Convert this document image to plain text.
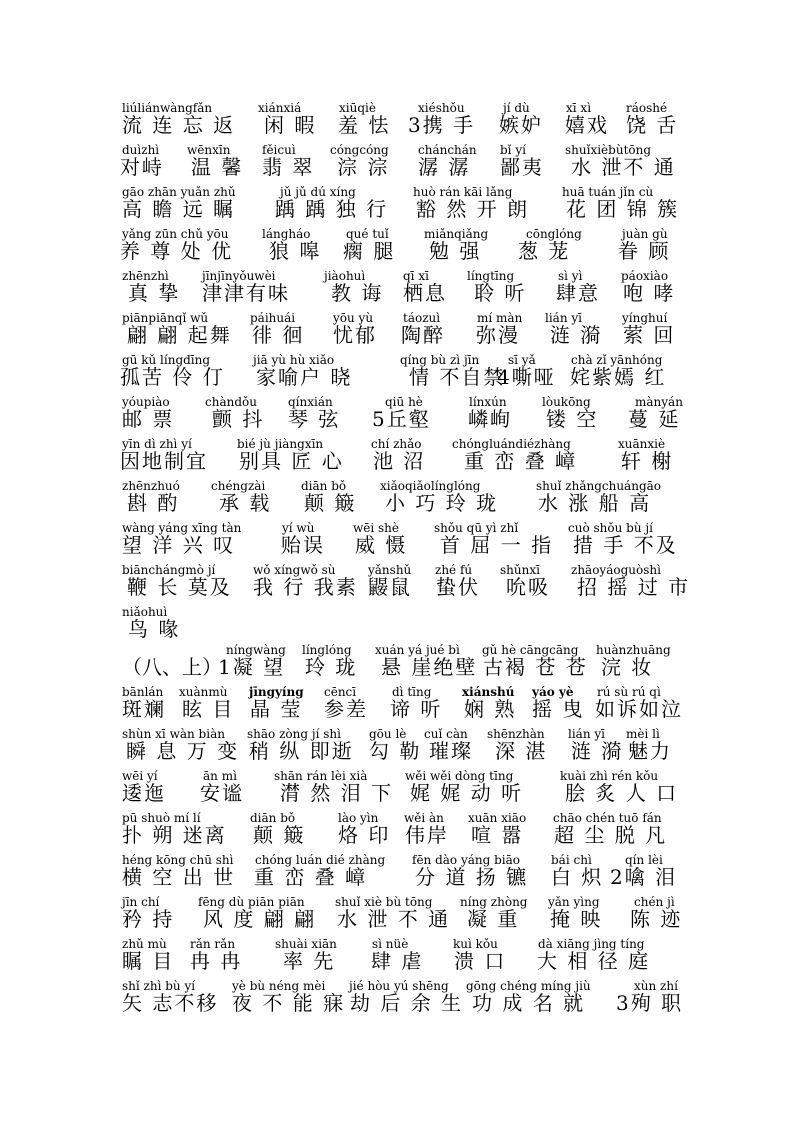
liúliánwàngfǎn
流 连 忘 返
xiánxiá
闲 暇
xiūqiè
羞 怯
xiéshǒu
3携 手
jí dù
嫉妒
xī xì
嬉戏
ráoshé
饶 舌
duìzhì
对峙
wēnxīn
温 馨
fěicuì
翡 翠
cóngcóng
淙 淙
chánchán
潺 潺
bǐ yí
鄙夷
shuǐxièbùtōng
水 泄不 通
gāo zhān yuǎn zhǔ
高 瞻 远 瞩
jǔ jǔ dú xíng
踽 踽 独 行
huò rán kāi lǎng
豁 然 开 朗
huā tuán jǐn cù
花 团 锦 簇
yǎng zūn chǔ yōu
养 尊 处 优
lángháo
狼 嗥
qué tuǐ
瘸 腿
miǎnqiǎng
勉 强
cōnglóng
葱 茏
juàn gù
眷 顾
zhēnzhì
真 挚
jīnjīnyǒuwèi
津津有味
jiàohuì
教 诲
qī xī
栖息
língtīng
聆 听
sì yì
肆意
páoxiào
咆 哮
piānpiānqǐ wǔ
翩 翩 起舞
páihuái
徘 徊
yōu yù
忧郁
táozuì
陶醉
mí màn
弥漫
lián yī
涟 漪
yínghuí
萦 回
gū kǔ língdīng
孤苦 伶 仃
jiā yù hù xiǎo
家喻户 晓
qíng bù zì jīn
情 不自禁
sī yǎ
4嘶哑
chà zǐ yānhóng
姹紫嫣 红
yóupiào
邮 票
chàndǒu
颤 抖
qínxián
琴 弦
qiū hè
5丘壑
línxún
嶙峋
lòukōng
镂 空
mànyán
蔓 延
yīn dì zhì yí
因地制宜
bié jù jiàngxīn
别具 匠 心
chí zhǎo
池 沼
chóngluándiézhàng
重 峦 叠 嶂
xuānxiè
轩 榭
zhēnzhuó
斟 酌
chéngzài
承 载
diān bǒ
颠 簸
xiǎoqiǎolínglóng
小 巧 玲 珑
shuǐ zhǎngchuángāo
水 涨 船 高
wàng yáng xīng tàn
望 洋 兴 叹
yí wù
贻误
wēi shè
威 慑
shǒu qū yì zhǐ
首 屈 一 指
cuò shǒu bù jí
措 手 不及
biānchángmò jí
鞭 长 莫及
wǒ xíngwǒ sù
我 行 我素
yǎnshǔ
鼹鼠
zhé fú
蛰伏
shǔnxī
吮吸
zhāoyáoguòshì
招 摇 过 市
niǎohuì
鸟 喙
（八、上）
níngwàng
1凝 望
línglóng
玲 珑
xuán yá jué bì
悬 崖绝壁
gǔ hè cāngcāng
古褐 苍 苍
huànzhuāng
浣 妆
bānlán
斑斓
xuànmù
眩 目
jīngyíng
晶 莹
cēncī
参差
dì tīng
谛 听
xiánshú
娴 熟
yáo yè
摇 曳
rú sù rú qì
如诉如泣
shùn xī wàn biàn
瞬 息 万 变
shāo zòng jí shì
稍 纵 即逝
gōu lè
勾 勒
cuǐ càn
璀璨
shēnzhàn
深 湛
lián yī
涟 漪
mèi lì
魅力
wēi yí
逶迤
ān mì
安谧
shān rán lèi xià
潸 然 泪 下
wěi wěi dòng tīng
娓 娓 动 听
kuài zhì rén kǒu
脍 炙 人 口
pū shuò mí lí
扑 朔 迷离
diān bǒ
颠 簸
lào yìn
烙 印
wěi àn
伟岸
xuān xiāo
喧 嚣
chāo chén tuō fán
超 尘 脱 凡
héng kōng chū shì
横 空 出 世
chóng luán dié zhàng
重 峦 叠 嶂
fēn dào yáng biāo
分 道 扬 镳
bái chì
白 炽
qín lèi
2噙 泪
jīn chí
矜 持
fēng dù piān piān
风 度 翩 翩
shuǐ xiè bù tōng
水 泄 不 通
níng zhòng
凝 重
yǎn yìng
掩 映
chén jì
陈 迹
zhǔ mù
瞩 目
rǎn rǎn
冉 冉
shuài xiān
率 先
sì nüè
肆 虐
kuì kǒu
溃 口
dà xiāng jìng tíng
大 相 径 庭
shǐ zhì bù yí
矢 志不移
yè bù néng mèi
夜 不 能 寐
jié hòu yú shēng
劫 后 余 生
gōng chéng míng jiù
功 成 名 就
xùn zhí
3殉 职
